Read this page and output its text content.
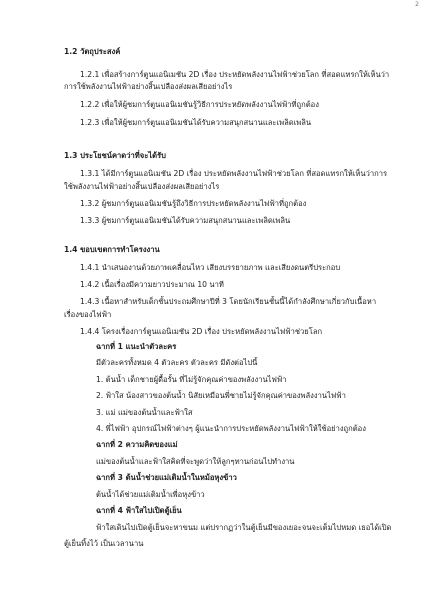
2
1.2 วัตถุประสงค์
1.2.1 เพื่อสร้างการ์ตูนแอนิเมชัน 2D เรื่อง ประหยัดพลังงานไฟฟ้าช่วยโลก ที่สอดแทรกให้เห็นว่า
การใช้พลังงานไฟฟ้าอย่างสิ้นเปลืองส่งผลเสียอย่างไร
1.2.2 เพื่อให้ผู้ชมการ์ตูนแอนิเมชันรู้วิธีการประหยัดพลังงานไฟฟ้าที่ถูกต้อง
1.2.3 เพื่อให้ผู้ชมการ์ตูนแอนิเมชันได้รับความสนุกสนานและเพลิดเพลิน
1.3 ประโยชน์คาดว่าที่จะได้รับ
1.3.1 ได้มีการ์ตูนแอนิเมชัน 2D เรื่อง ประหยัดพลังงานไฟฟ้าช่วยโลก ที่สอดแทรกให้เห็นว่าการ
ใช้พลังงานไฟฟ้าอย่างสิ้นเปลืองส่งผลเสียอย่างไร
1.3.2 ผู้ชมการ์ตูนแอนิเมชันรู้ถึงวิธีการประหยัดพลังงานไฟฟ้าที่ถูกต้อง
1.3.3 ผู้ชมการ์ตูนแอนิเมชันได้รับความสนุกสนานและเพลิดเพลิน
1.4 ขอบเขตการทำโครงงาน
1.4.1 นำเสนองานด้วยภาพเคลื่อนไหว เสียงบรรยายภาพ และเสียงดนตรีประกอบ
1.4.2 เนื้อเรื่องมีความยาวประมาณ 10 นาที
1.4.3 เนื้อหาสำหรับเด็กชั้นประถมศึกษาปีที่ 3 โดยนักเรียนชั้นนี้ได้กำลังศึกษาเกี่ยวกับเนื้อหา
เรื่องของไฟฟ้า
1.4.4 โครงเรื่องการ์ตูนแอนิเมชัน 2D เรื่อง ประหยัดพลังงานไฟฟ้าช่วยโลก
ฉากที่ 1 แนะนำตัวละคร
มีตัวละครทั้งหมด 4 ตัวละคร ตัวละคร มีดังต่อไปนี้
1. ต้นน้ำ เด็กชายผู้ดื้อรั้น ที่ไม่รู้จักคุณค่าของพลังงานไฟฟ้า
2. ฟ้าใส น้องสาวของต้นน้ำ นิสัยเหมือนพี่ชายไม่รู้จักคุณค่าของพลังงานไฟฟ้า
3. แม่ แม่ของต้นน้ำและฟ้าใส
4. พี่ไฟฟ้า อุปกรณ์ไฟฟ้าต่างๆ ผู้แนะนำการประหยัดพลังงานไฟฟ้าให้ใช้อย่างถูกต้อง
ฉากที่ 2 ความคิดของแม่
แม่ของต้นน้ำและฟ้าใสคิดที่จะพูดว่าให้ลูกๆทานก่อนไปทำงาน
ฉากที่ 3 ต้นน้ำช่วยแม่เติมน้ำในหม้อหุงข้าว
ต้นน้ำได้ช่วยแม่เติมน้ำเพื่อหุงข้าว
ฉากที่ 4 ฟ้าใสไปเปิดตู้เย็น
ฟ้าใสเดินไปเปิดตู้เย็นจะหาขนม แต่ปรากฏว่าในตู้เย็นมีของเยอะจนจะเต็มไปหมด เธอได้เปิด
ตู้เย็นทิ้งไว้ เป็นเวลานาน
